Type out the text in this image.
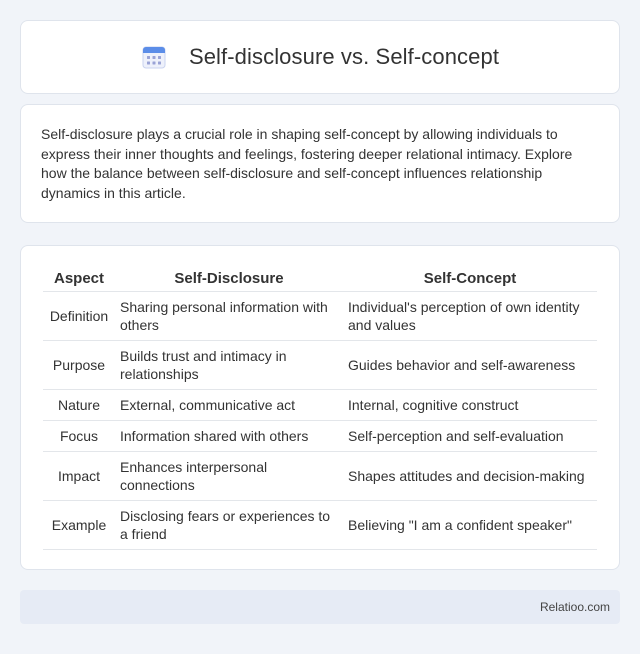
Self-disclosure vs. Self-concept

Self-disclosure plays a crucial role in shaping self-concept by allowing individuals to express their inner thoughts and feelings, fostering deeper relational intimacy. Explore how the balance between self-disclosure and self-concept influences relationship dynamics in this article.

Aspect	Self-Disclosure	Self-Concept
Definition	Sharing personal information with others	Individual's perception of own identity and values
Purpose	Builds trust and intimacy in relationships	Guides behavior and self-awareness
Nature	External, communicative act	Internal, cognitive construct
Focus	Information shared with others	Self-perception and self-evaluation
Impact	Enhances interpersonal connections	Shapes attitudes and decision-making
Example	Disclosing fears or experiences to a friend	Believing "I am a confident speaker"
Relatioo.com
